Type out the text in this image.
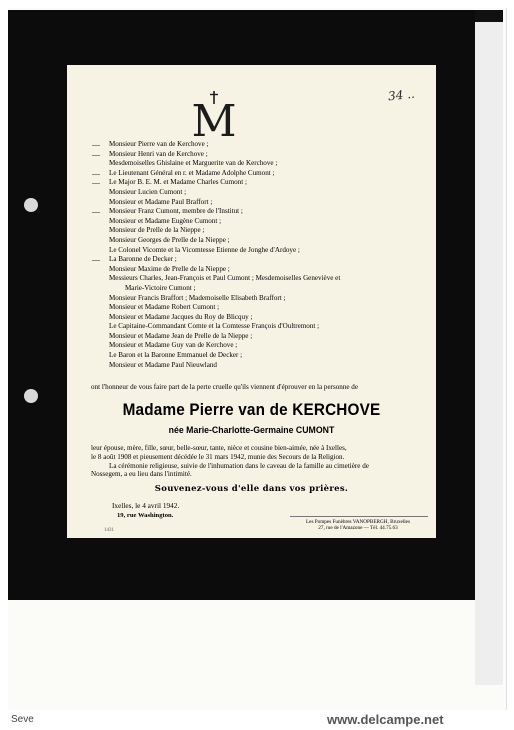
34 ..
M
— Monsieur Pierre van de Kerchove ;
— Monsieur Henri van de Kerchove ;
Mesdemoiselles Ghislaine et Marguerite van de Kerchove ;
— Le Lieutenant Général en r. et Madame Adolphe Cumont ;
— Le Major B. E. M. et Madame Charles Cumont ;
Monsieur Lucien Cumont ;
Monsieur et Madame Paul Braffort ;
— Monsieur Franz Cumont, membre de l'Institut ;
Monsieur et Madame Eugène Cumont ;
Monsieur de Prelle de la Nieppe ;
Monsieur Georges de Prelle de la Nieppe ;
Le Colonel Vicomte et la Vicomtesse Etienne de Jonghe d'Ardoye ;
— La Baronne de Decker ;
Monsieur Maxime de Prelle de la Nieppe ;
Messieurs Charles, Jean-François et Paul Cumont ; Mesdemoiselles Geneviève et
Marie-Victoire Cumont ;
Monsieur Francis Braffort ; Mademoiselle Elisabeth Braffort ;
Monsieur et Madame Robert Cumont ;
Monsieur et Madame Jacques du Roy de Blicquy ;
Le Capitaine-Commandant Comte et la Comtesse François d'Oultremont ;
Monsieur et Madame Jean de Prelle de la Nieppe ;
Monsieur et Madame Guy van de Kerchove ;
Le Baron et la Baronne Emmanuel de Decker ;
Monsieur et Madame Paul Nieuwland
ont l'honneur de vous faire part de la perte cruelle qu'ils viennent d'éprouver en la personne de
Madame Pierre van de KERCHOVE
née Marie-Charlotte-Germaine CUMONT

leur épouse, mère, fille, sœur, belle-sœur, tante, nièce et cousine bien-aimée, née à Ixelles,

le 8 août 1908 et pieusement décédée le 31 mars 1942, munie des Secours de la Religion.

La cérémonie religieuse, suivie de l'inhumation dans le caveau de la famille au cimetière de

Nossegem, a eu lieu dans l'intimité.

Souvenez-vous d'elle dans vos prières.
Ixelles, le 4 avril 1942.
19, rue Washington.
1431
Les Pompes Funèbres VANOPBERGH, Bruxelles
27, rue de l'Amazone — Tél. 44.75.63
Seve	www.delcampe.net
